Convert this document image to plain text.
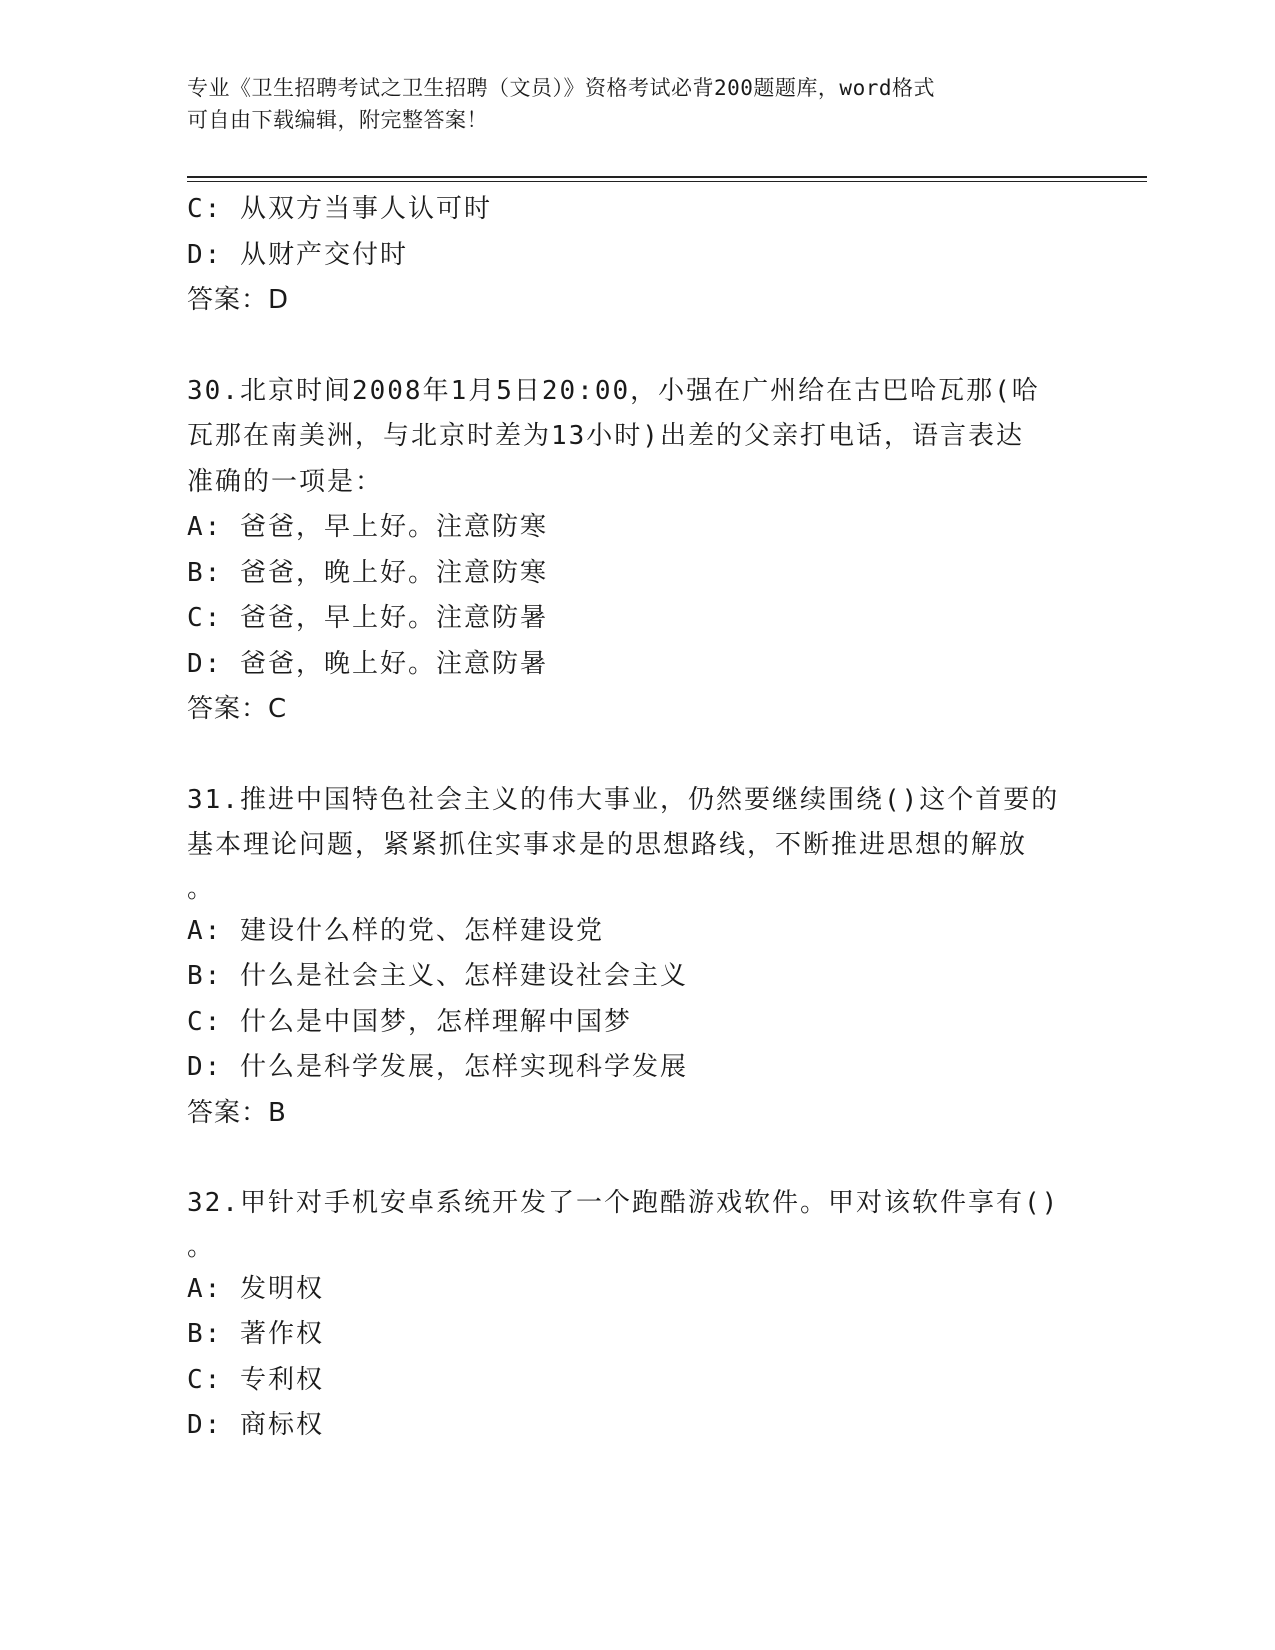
专业《卫生招聘考试之卫生招聘（文员）》资格考试必背200题题库，word格式
可自由下载编辑，附完整答案！
C: 从双方当事人认可时
D: 从财产交付时
答案：D
30.北京时间2008年1月5日20:00，小强在广州给在古巴哈瓦那(哈
瓦那在南美洲，与北京时差为13小时)出差的父亲打电话，语言表达
准确的一项是：
A: 爸爸，早上好。注意防寒
B: 爸爸，晚上好。注意防寒
C: 爸爸，早上好。注意防暑
D: 爸爸，晚上好。注意防暑
答案：C
31.推进中国特色社会主义的伟大事业，仍然要继续围绕()这个首要的
基本理论问题，紧紧抓住实事求是的思想路线，不断推进思想的解放
。
A: 建设什么样的党、怎样建设党
B: 什么是社会主义、怎样建设社会主义
C: 什么是中国梦，怎样理解中国梦
D: 什么是科学发展，怎样实现科学发展
答案：B
32.甲针对手机安卓系统开发了一个跑酷游戏软件。甲对该软件享有()
。
A: 发明权
B: 著作权
C: 专利权
D: 商标权
